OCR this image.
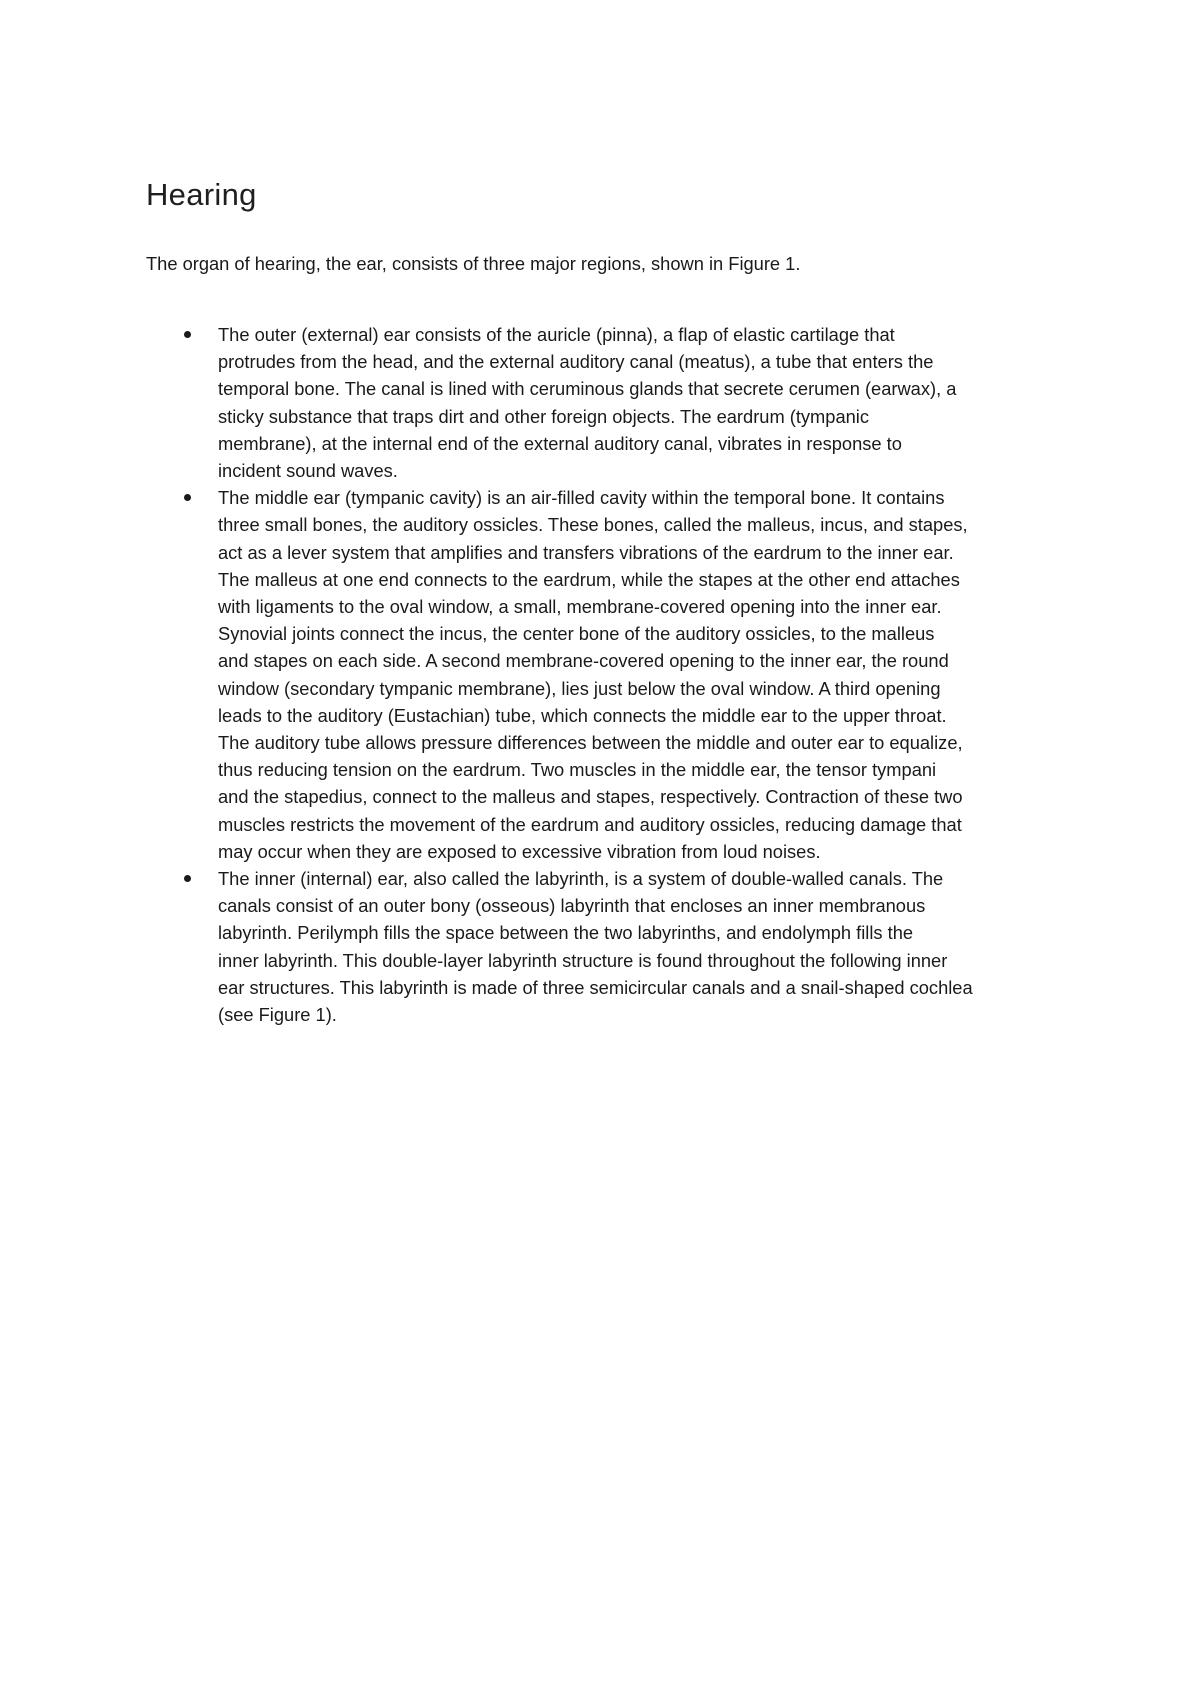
Hearing

The organ of hearing, the ear, consists of three major regions, shown in Figure 1.

The outer (external) ear consists of the auricle (pinna), a flap of elastic cartilage that
protrudes from the head, and the external auditory canal (meatus), a tube that enters the
temporal bone. The canal is lined with ceruminous glands that secrete cerumen (earwax), a
sticky substance that traps dirt and other foreign objects. The eardrum (tympanic
membrane), at the internal end of the external auditory canal, vibrates in response to
incident sound waves.
The middle ear (tympanic cavity) is an air-filled cavity within the temporal bone. It contains
three small bones, the auditory ossicles. These bones, called the malleus, incus, and stapes,
act as a lever system that amplifies and transfers vibrations of the eardrum to the inner ear.
The malleus at one end connects to the eardrum, while the stapes at the other end attaches
with ligaments to the oval window, a small, membrane-covered opening into the inner ear.
Synovial joints connect the incus, the center bone of the auditory ossicles, to the malleus
and stapes on each side. A second membrane-covered opening to the inner ear, the round
window (secondary tympanic membrane), lies just below the oval window. A third opening
leads to the auditory (Eustachian) tube, which connects the middle ear to the upper throat.
The auditory tube allows pressure differences between the middle and outer ear to equalize,
thus reducing tension on the eardrum. Two muscles in the middle ear, the tensor tympani
and the stapedius, connect to the malleus and stapes, respectively. Contraction of these two
muscles restricts the movement of the eardrum and auditory ossicles, reducing damage that
may occur when they are exposed to excessive vibration from loud noises.
The inner (internal) ear, also called the labyrinth, is a system of double-walled canals. The
canals consist of an outer bony (osseous) labyrinth that encloses an inner membranous
labyrinth. Perilymph fills the space between the two labyrinths, and endolymph fills the
inner labyrinth. This double-layer labyrinth structure is found throughout the following inner
ear structures. This labyrinth is made of three semicircular canals and a snail-shaped cochlea
(see Figure 1).
